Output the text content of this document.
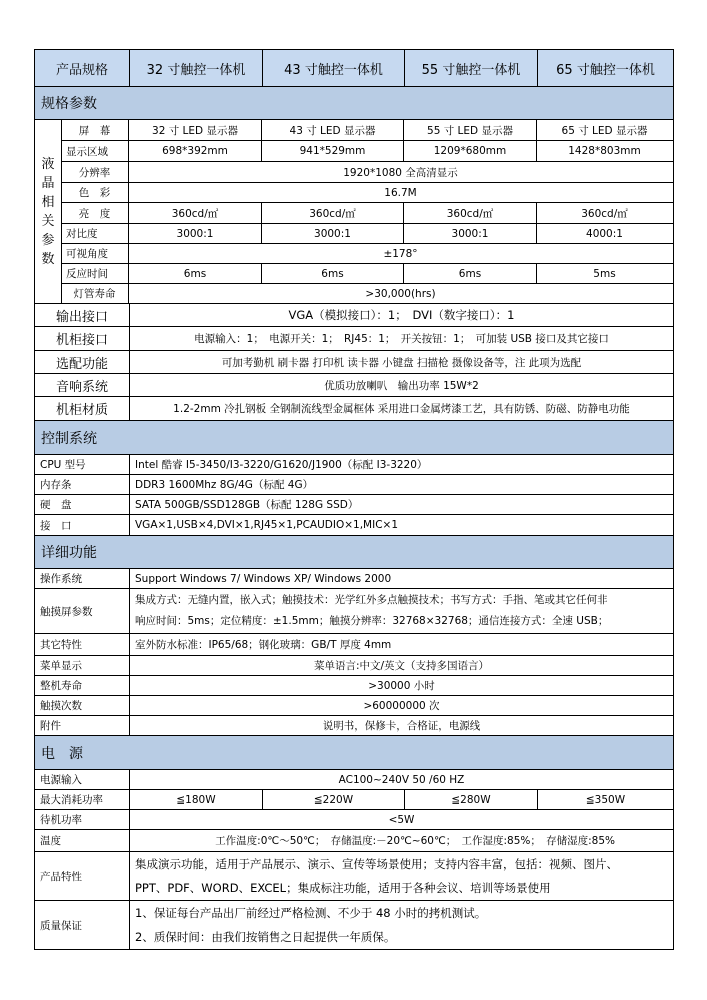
产品规格	32 寸触控一体机	43 寸触控一体机	55 寸触控一体机	65 寸触控一体机
规格参数
液
晶
相
关
参
数
屏　幕	32 寸 LED 显示器	43 寸 LED 显示器	55 寸 LED 显示器	65 寸 LED 显示器
显示区域	698*392mm	941*529mm	1209*680mm	1428*803mm
分辨率	1920*1080 全高清显示
色　彩	16.7M
亮　度	360cd/㎡	360cd/㎡	360cd/㎡	360cd/㎡
对比度	3000:1	3000:1	3000:1	4000:1
可视角度	±178°
反应时间	6ms	6ms	6ms	5ms
灯管寿命	>30,000(hrs)
输出接口	VGA（模拟接口）：1；　DVI（数字接口）：1
机柜接口	电源输入：1；　电源开关：1；　RJ45：1；　开关按钮：1；　可加装 USB 接口及其它接口
选配功能	可加考勤机 刷卡器 打印机 读卡器 小键盘 扫描枪 摄像设备等，注 此项为选配
音响系统	优质功放喇叭　输出功率 15W*2
机柜材质	1.2-2mm 冷扎钢板 全钢制流线型金属框体 采用进口金属烤漆工艺，具有防锈、防磁、防静电功能
控制系统
CPU 型号	Intel 酷睿 I5-3450/I3-3220/G1620/J1900（标配 I3-3220）
内存条	DDR3 1600Mhz 8G/4G（标配 4G）
硬　盘	SATA 500GB/SSD128GB（标配 128G SSD）
接　口	VGA×1,USB×4,DVI×1,RJ45×1,PCAUDIO×1,MIC×1
详细功能
操作系统	Support Windows 7/ Windows XP/ Windows 2000
触摸屏参数
集成方式：无缝内置，嵌入式；触摸技术：光学红外多点触摸技术；书写方式：手指、笔或其它任何非
响应时间：5ms；定位精度：±1.5mm；触摸分辨率：32768×32768；通信连接方式：全速 USB；
其它特性	室外防水标准：IP65/68；钢化玻璃：GB/T 厚度 4mm
菜单显示	菜单语言:中文/英文（支持多国语言）
整机寿命	>30000 小时
触摸次数	>60000000 次
附件	说明书，保修卡，合格证，电源线
电　源
电源输入	AC100~240V 50 /60 HZ
最大消耗功率	≦180W	≦220W	≦280W	≦350W
待机功率	<5W
温度	工作温度:0℃～50℃；　存储温度:－20℃~60℃；　工作湿度:85%；　存储湿度:85%
产品特性
集成演示功能，适用于产品展示、演示、宣传等场景使用；支持内容丰富，包括：视频、图片、
PPT、PDF、WORD、EXCEL；集成标注功能，适用于各种会议、培训等场景使用
质量保证
1、保证每台产品出厂前经过严格检测、不少于 48 小时的拷机测试。
2、质保时间：由我们按销售之日起提供一年质保。
